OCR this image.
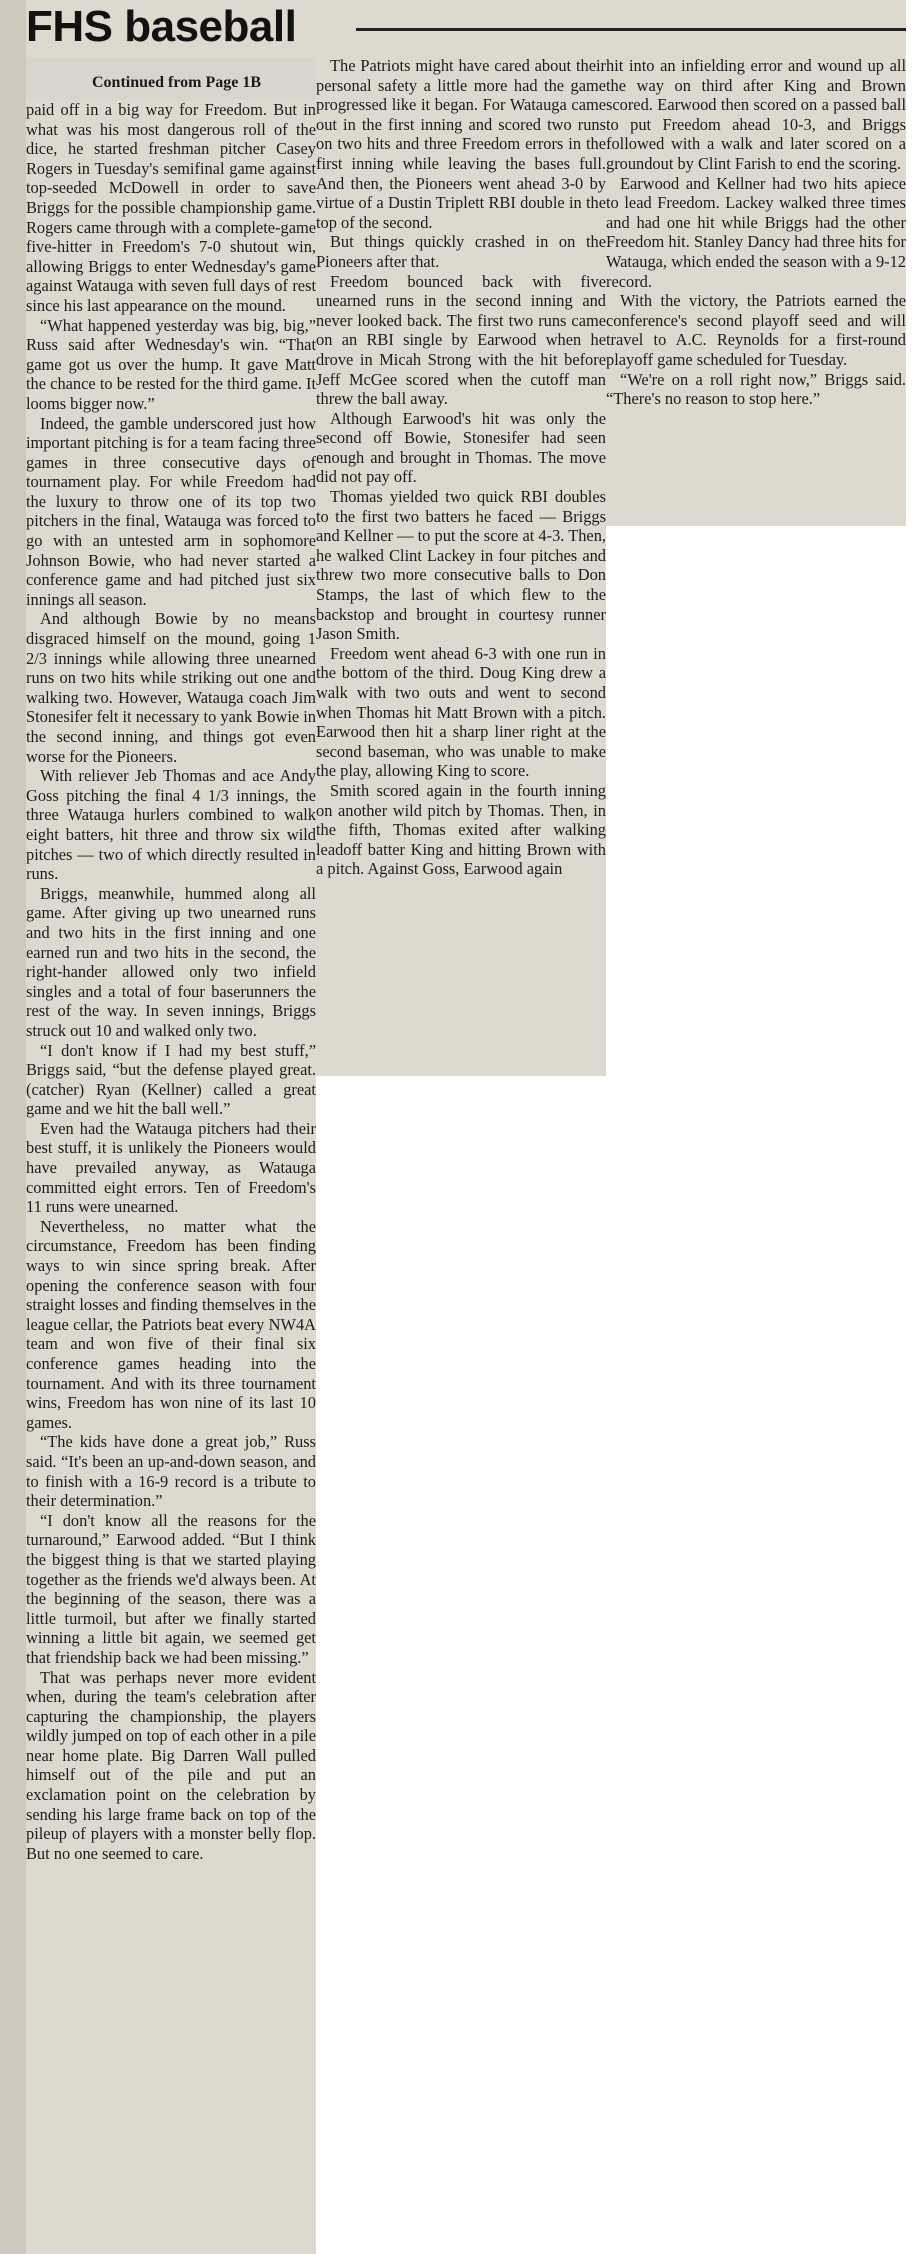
FHS baseball
Continued from Page 1B

paid off in a big way for Freedom. But in what was his most dangerous roll of the dice, he started freshman pitcher Casey Rogers in Tuesday's semifinal game against top-seeded McDowell in order to save Briggs for the possible championship game. Rogers came through with a complete-game five-hitter in Freedom's 7-0 shutout win, allowing Briggs to enter Wednesday's game against Watauga with seven full days of rest since his last appearance on the mound.

“What happened yesterday was big, big,” Russ said after Wednesday's win. “That game got us over the hump. It gave Matt the chance to be rested for the third game. It looms bigger now.”

Indeed, the gamble underscored just how important pitching is for a team facing three games in three consecutive days of tournament play. For while Freedom had the luxury to throw one of its top two pitchers in the final, Watauga was forced to go with an untested arm in sophomore Johnson Bowie, who had never started a conference game and had pitched just six innings all season.

And although Bowie by no means disgraced himself on the mound, going 1 2/3 innings while allowing three unearned runs on two hits while striking out one and walking two. However, Watauga coach Jim Stonesifer felt it necessary to yank Bowie in the second inning, and things got even worse for the Pioneers.

With reliever Jeb Thomas and ace Andy Goss pitching the final 4 1/3 innings, the three Watauga hurlers combined to walk eight batters, hit three and throw six wild pitches — two of which directly resulted in runs.

Briggs, meanwhile, hummed along all game. After giving up two unearned runs and two hits in the first inning and one earned run and two hits in the second, the right-hander allowed only two infield singles and a total of four baserunners the rest of the way. In seven innings, Briggs struck out 10 and walked only two.

“I don't know if I had my best stuff,” Briggs said, “but the defense played great. (catcher) Ryan (Kellner) called a great game and we hit the ball well.”

Even had the Watauga pitchers had their best stuff, it is unlikely the Pioneers would have prevailed anyway, as Watauga committed eight errors. Ten of Freedom's 11 runs were unearned.

Nevertheless, no matter what the circumstance, Freedom has been finding ways to win since spring break. After opening the conference season with four straight losses and finding themselves in the league cellar, the Patriots beat every NW4A team and won five of their final six conference games heading into the tournament. And with its three tournament wins, Freedom has won nine of its last 10 games.

“The kids have done a great job,” Russ said. “It's been an up-and-down season, and to finish with a 16-9 record is a tribute to their determination.”

“I don't know all the reasons for the turnaround,” Earwood added. “But I think the biggest thing is that we started playing together as the friends we'd always been. At the beginning of the season, there was a little turmoil, but after we finally started winning a little bit again, we seemed get that friendship back we had been missing.”

That was perhaps never more evident when, during the team's celebration after capturing the championship, the players wildly jumped on top of each other in a pile near home plate. Big Darren Wall pulled himself out of the pile and put an exclamation point on the celebration by sending his large frame back on top of the pileup of players with a monster belly flop. But no one seemed to care.

The Patriots might have cared about their personal safety a little more had the game progressed like it began. For Watauga came out in the first inning and scored two runs on two hits and three Freedom errors in the first inning while leaving the bases full. And then, the Pioneers went ahead 3-0 by virtue of a Dustin Triplett RBI double in the top of the second.

But things quickly crashed in on the Pioneers after that.

Freedom bounced back with five unearned runs in the second inning and never looked back. The first two runs came on an RBI single by Earwood when he drove in Micah Strong with the hit before Jeff McGee scored when the cutoff man threw the ball away.

Although Earwood's hit was only the second off Bowie, Stonesifer had seen enough and brought in Thomas. The move did not pay off.

Thomas yielded two quick RBI doubles to the first two batters he faced — Briggs and Kellner — to put the score at 4-3. Then, he walked Clint Lackey in four pitches and threw two more consecutive balls to Don Stamps, the last of which flew to the backstop and brought in courtesy runner Jason Smith.

Freedom went ahead 6-3 with one run in the bottom of the third. Doug King drew a walk with two outs and went to second when Thomas hit Matt Brown with a pitch. Earwood then hit a sharp liner right at the second baseman, who was unable to make the play, allowing King to score.

Smith scored again in the fourth inning on another wild pitch by Thomas. Then, in the fifth, Thomas exited after walking leadoff batter King and hitting Brown with a pitch. Against Goss, Earwood again

hit into an infielding error and wound up all the way on third after King and Brown scored. Earwood then scored on a passed ball to put Freedom ahead 10-3, and Briggs followed with a walk and later scored on a groundout by Clint Farish to end the scoring.

Earwood and Kellner had two hits apiece to lead Freedom. Lackey walked three times and had one hit while Briggs had the other Freedom hit. Stanley Dancy had three hits for Watauga, which ended the season with a 9-12 record.

With the victory, the Patriots earned the conference's second playoff seed and will travel to A.C. Reynolds for a first-round playoff game scheduled for Tuesday.

“We're on a roll right now,” Briggs said. “There's no reason to stop here.”
